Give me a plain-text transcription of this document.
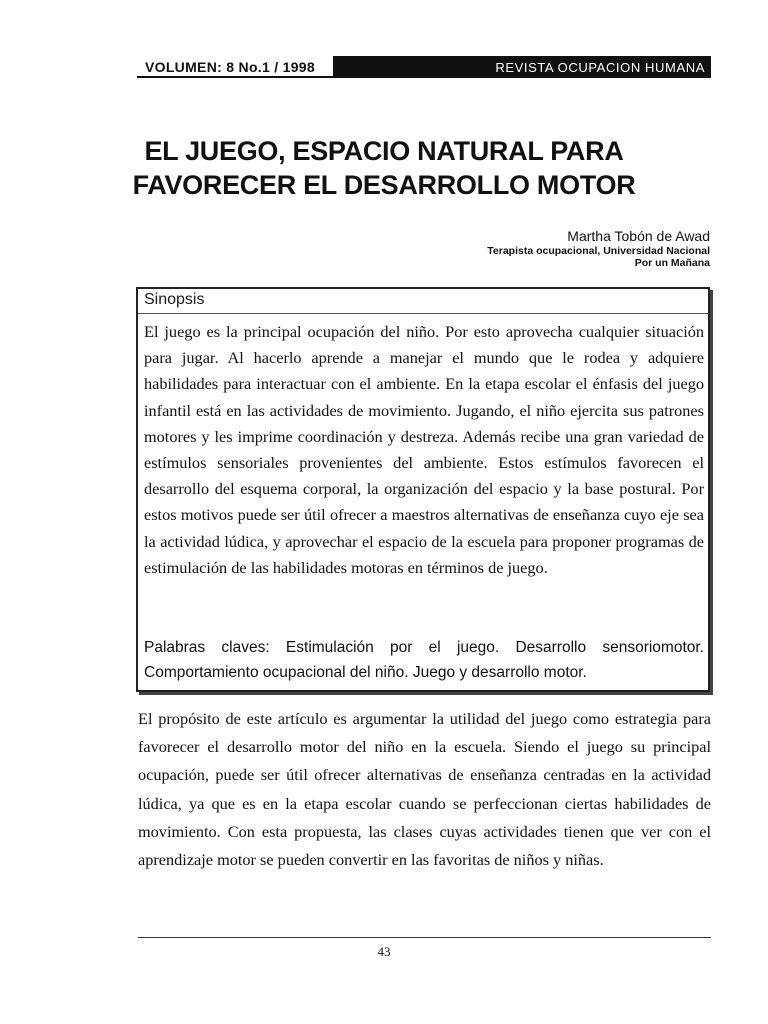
REVISTA OCUPACION HUMANA
VOLUMEN: 8 No.1 / 1998
EL JUEGO, ESPACIO NATURAL PARA
FAVORECER EL DESARROLLO MOTOR
Martha Tobón de Awad
Terapista ocupacional, Universidad Nacional
Por un Mañana
Sinopsis
El juego es la principal ocupación del niño. Por esto aprovecha cualquier situación para jugar. Al hacerlo aprende a manejar el mundo que le rodea y adquiere habilidades para interactuar con el ambiente. En la etapa escolar el énfasis del juego infantil está en las actividades de movimiento. Jugando, el niño ejercita sus patrones motores y les imprime coordinación y destreza. Además recibe una gran variedad de estímulos sensoriales provenientes del ambiente. Estos estímulos favorecen el desarrollo del esquema corporal, la organización del espacio y la base postural. Por estos motivos puede ser útil ofrecer a maestros alternativas de enseñanza cuyo eje sea la actividad lúdica, y aprovechar el espacio de la escuela para proponer programas de estimulación de las habilidades motoras en términos de juego.
Palabras claves: Estimulación por el juego. Desarrollo sensoriomotor. Comportamiento ocupacional del niño. Juego y desarrollo motor.
El propósito de este artículo es argumentar la utilidad del juego como estrategia para favorecer el desarrollo motor del niño en la escuela. Siendo el juego su principal ocupación, puede ser útil ofrecer alternativas de enseñanza centradas en la actividad lúdica, ya que es en la etapa escolar cuando se perfeccionan ciertas habilidades de movimiento. Con esta propuesta, las clases cuyas actividades tienen que ver con el aprendizaje motor se pueden convertir en las favoritas de niños y niñas.
43
